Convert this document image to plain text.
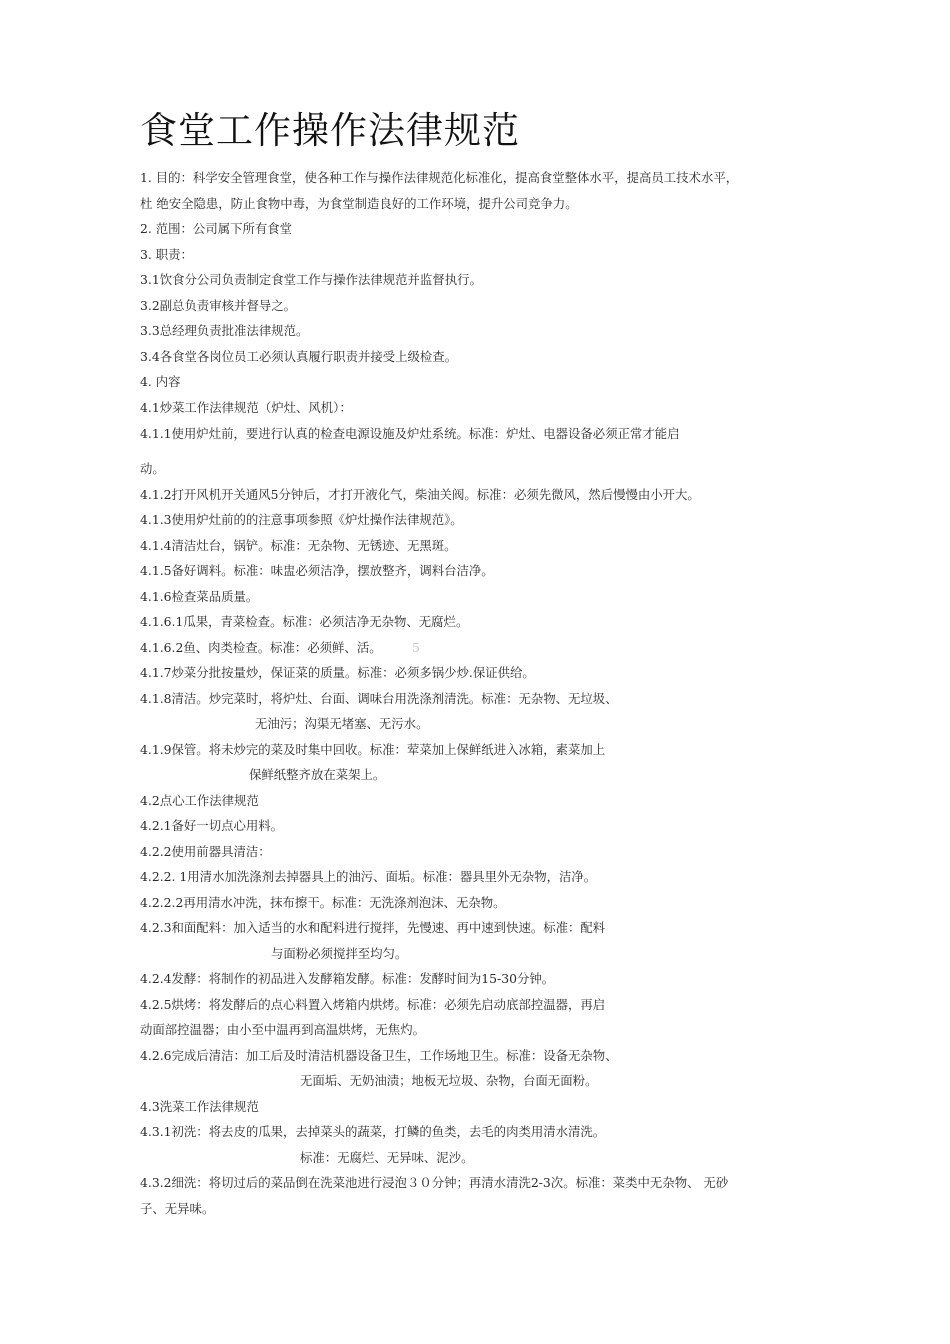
食堂工作操作法律规范
1. 目的：科学安全管理食堂，使各种工作与操作法律规范化标准化，提高食堂整体水平，提高员工技术水平，
杜 绝安全隐患，防止食物中毒，为食堂制造良好的工作环境，提升公司竞争力。
2. 范围：公司属下所有食堂
3. 职责：
3.1饮食分公司负责制定食堂工作与操作法律规范并监督执行。
3.2副总负责审核并督导之。
3.3总经理负责批准法律规范。
3.4各食堂各岗位员工必须认真履行职责并接受上级检查。
4. 内容
4.1炒菜工作法律规范（炉灶、风机）：
4.1.1使用炉灶前，要进行认真的检查电源设施及炉灶系统。标准：炉灶、电器设备必须正常才能启
动。
4.1.2打开风机开关通风5分钟后，才打开液化气，柴油关阀。标准：必须先微风，然后慢慢由小开大。
4.1.3使用炉灶前的的注意事项参照《炉灶操作法律规范》。
4.1.4清洁灶台，锅铲。标准：无杂物、无锈迹、无黑斑。
4.1.5备好调料。标准：味盅必须洁净，摆放整齐，调料台洁净。
4.1.6检查菜品质量。
4.1.6.1瓜果，青菜检查。标准：必须洁净无杂物、无腐烂。
4.1.6.2鱼、肉类检查。标准：必须鲜、活。
4.1.7炒菜分批按量炒，保证菜的质量。标准：必须多锅少炒.保证供给。
4.1.8清洁。炒完菜时，将炉灶、台面、调味台用洗涤剂清洗。标准：无杂物、无垃圾、
无油污；沟渠无堵塞、无污水。
4.1.9保管。将未炒完的菜及时集中回收。标准：荤菜加上保鲜纸进入冰箱，素菜加上
保鲜纸整齐放在菜架上。
4.2点心工作法律规范
4.2.1备好一切点心用料。
4.2.2使用前器具清洁：
4.2.2. 1用清水加洗涤剂去掉器具上的油污、面垢。标准：器具里外无杂物，洁净。
4.2.2.2再用清水冲洗，抹布擦干。标准：无洗涤剂泡沫、无杂物。
4.2.3和面配料：加入适当的水和配料进行搅拌，先慢速、再中速到快速。标准：配料
与面粉必须搅拌至均匀。
4.2.4发酵：将制作的初品进入发酵箱发酵。标准：发酵时间为15-30分钟。
4.2.5烘烤：将发酵后的点心料置入烤箱内烘烤。标准：必须先启动底部控温器，再启
动面部控温器；由小至中温再到高温烘烤，无焦灼。
4.2.6完成后清洁：加工后及时清洁机器设备卫生，工作场地卫生。标准：设备无杂物、
无面垢、无奶油渍；地板无垃圾、杂物，台面无面粉。
4.3洗菜工作法律规范
4.3.1初洗：将去皮的瓜果，去掉菜头的蔬菜，打鳞的鱼类，去毛的肉类用清水清洗。
标准：无腐烂、无异味、泥沙。
4.3.2细洗：将切过后的菜品倒在洗菜池进行浸泡３０分钟；再清水清洗2-3次。标准：菜类中无杂物、 无砂
子、无异味。
5
